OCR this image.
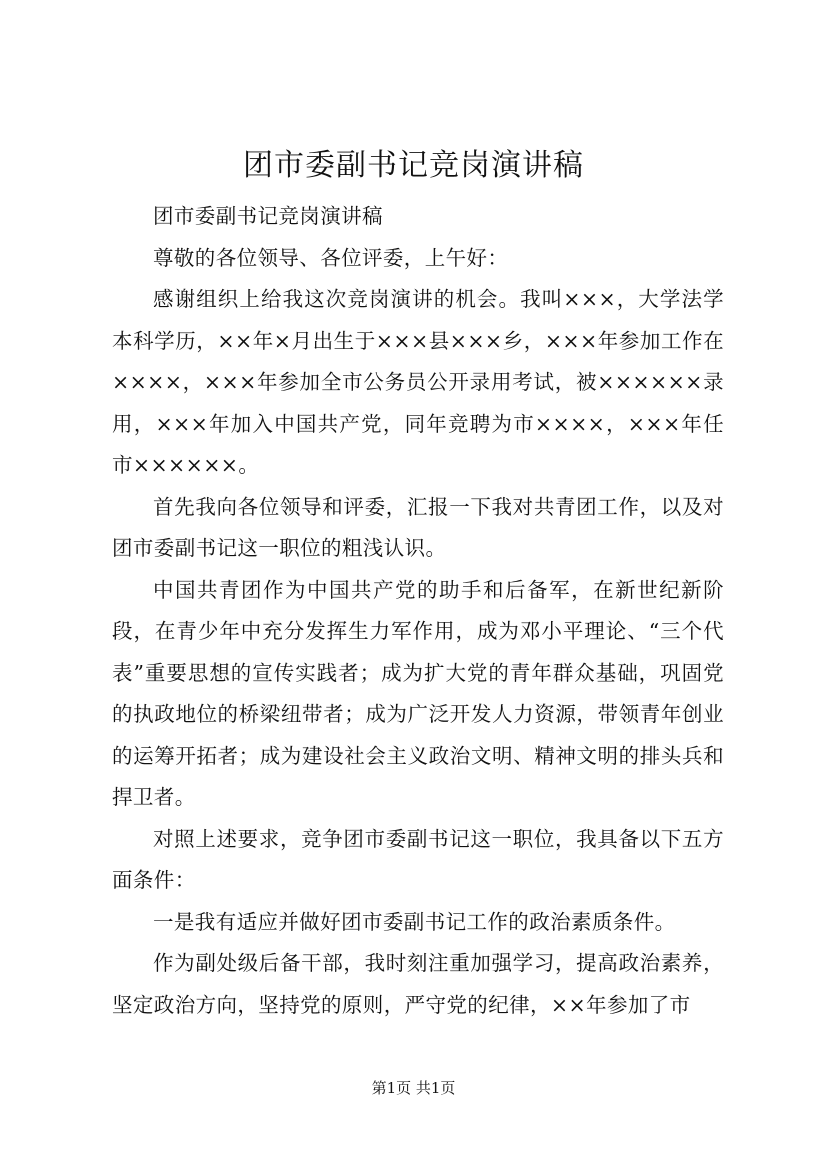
团市委副书记竞岗演讲稿

团市委副书记竞岗演讲稿

尊敬的各位领导、各位评委，上午好：

感谢组织上给我这次竞岗演讲的机会。我叫×××，大学法学本科学历，××年×月出生于×××县×××乡，×××年参加工作在××××，×××年参加全市公务员公开录用考试，被××××××录用，×××年加入中国共产党，同年竞聘为市××××，×××年任市××××××。

首先我向各位领导和评委，汇报一下我对共青团工作，以及对团市委副书记这一职位的粗浅认识。

中国共青团作为中国共产党的助手和后备军，在新世纪新阶段，在青少年中充分发挥生力军作用，成为邓小平理论、“三个代表”重要思想的宣传实践者；成为扩大党的青年群众基础，巩固党的执政地位的桥梁纽带者；成为广泛开发人力资源，带领青年创业的运筹开拓者；成为建设社会主义政治文明、精神文明的排头兵和捍卫者。

对照上述要求，竞争团市委副书记这一职位，我具备以下五方面条件：

一是我有适应并做好团市委副书记工作的政治素质条件。

作为副处级后备干部，我时刻注重加强学习，提高政治素养，坚定政治方向，坚持党的原则，严守党的纪律，××年参加了市

第1页 共1页
